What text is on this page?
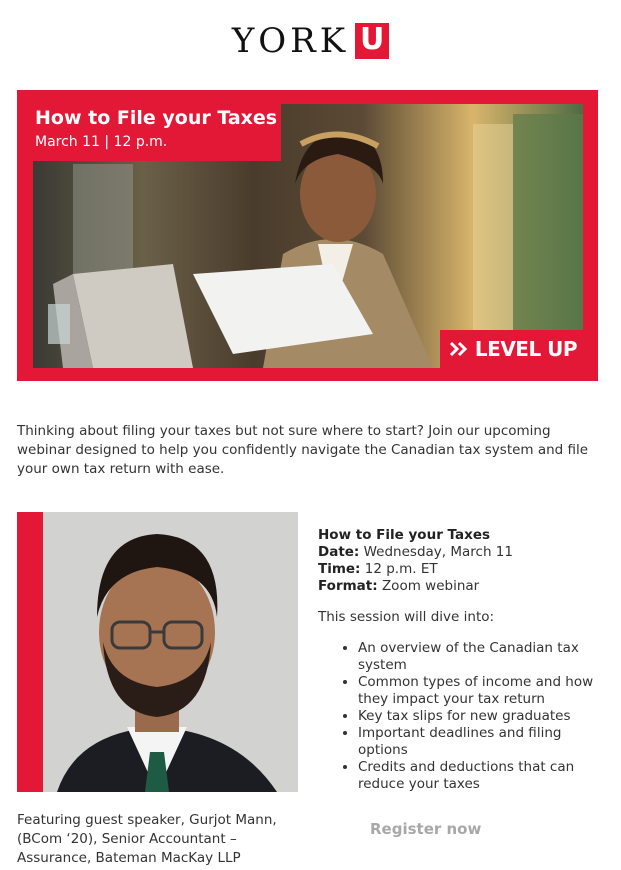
YORK U
How to File your Taxes
March 11 | 12 p.m.
LEVEL UP

Thinking about filing your taxes but not sure where to start? Join our upcoming webinar designed to help you confidently navigate the Canadian tax system and file your own tax return with ease.

Featuring guest speaker, Gurjot Mann, (BCom ‘20), Senior Accountant – Assurance, Bateman MacKay LLP

How to File your Taxes
Date: Wednesday, March 11
Time: 12 p.m. ET
Format: Zoom webinar

This session will dive into:

• An overview of the Canadian tax system
• Common types of income and how they impact your tax return
• Key tax slips for new graduates
• Important deadlines and filing options
• Credits and deductions that can reduce your taxes
Register now
